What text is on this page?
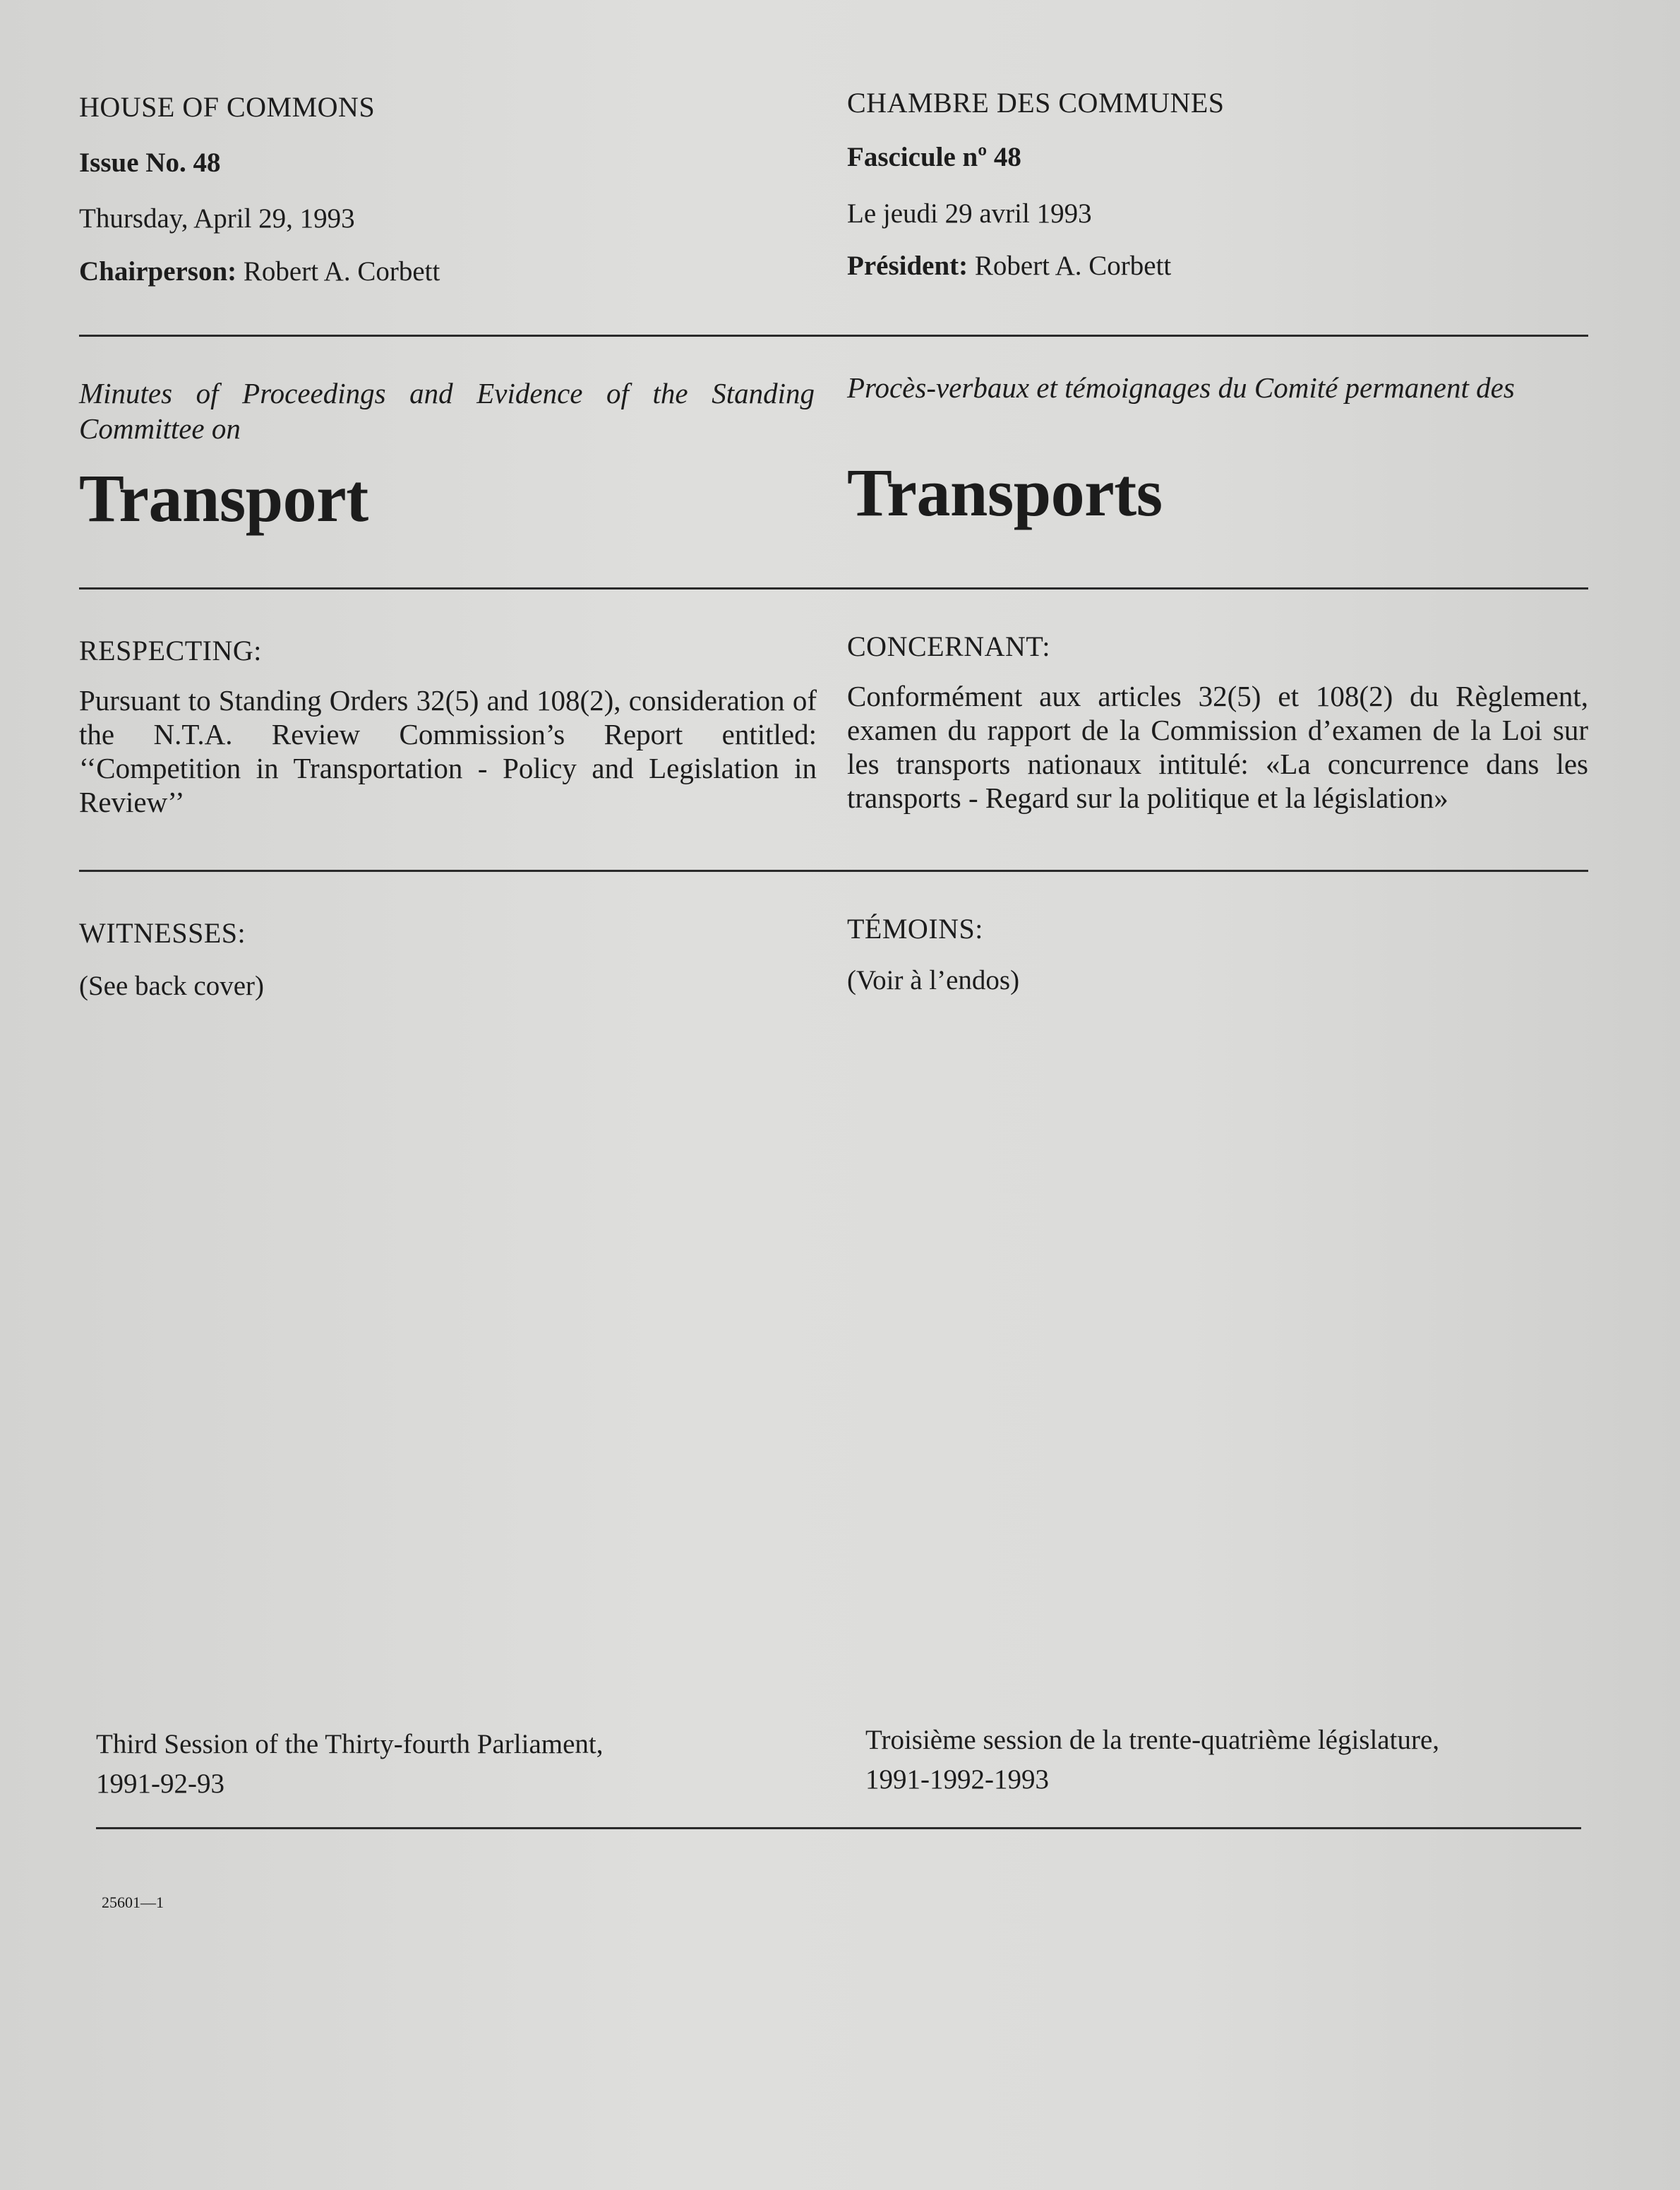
HOUSE OF COMMONS
Issue No. 48
Thursday, April 29, 1993
Chairperson: Robert A. Corbett
CHAMBRE DES COMMUNES
Fascicule nº 48
Le jeudi 29 avril 1993
Président: Robert A. Corbett
Minutes of Proceedings and Evidence of the Standing Committee on
Transport
Procès-verbaux et témoignages du Comité permanent des
Transports
RESPECTING:
Pursuant to Standing Orders 32(5) and 108(2), consideration of the N.T.A. Review Commission’s Report entitled: ‘‘Competition in Transportation - Policy and Legislation in Review’’
CONCERNANT:
Conformément aux articles 32(5) et 108(2) du Règlement, examen du rapport de la Commission d’examen de la Loi sur les transports nationaux intitulé: «La concurrence dans les transports - Regard sur la politique et la législation»
WITNESSES:
(See back cover)
TÉMOINS:
(Voir à l’endos)
Third Session of the Thirty-fourth Parliament,
1991-92-93
Troisième session de la trente-quatrième législature,
1991-1992-1993
25601—1
